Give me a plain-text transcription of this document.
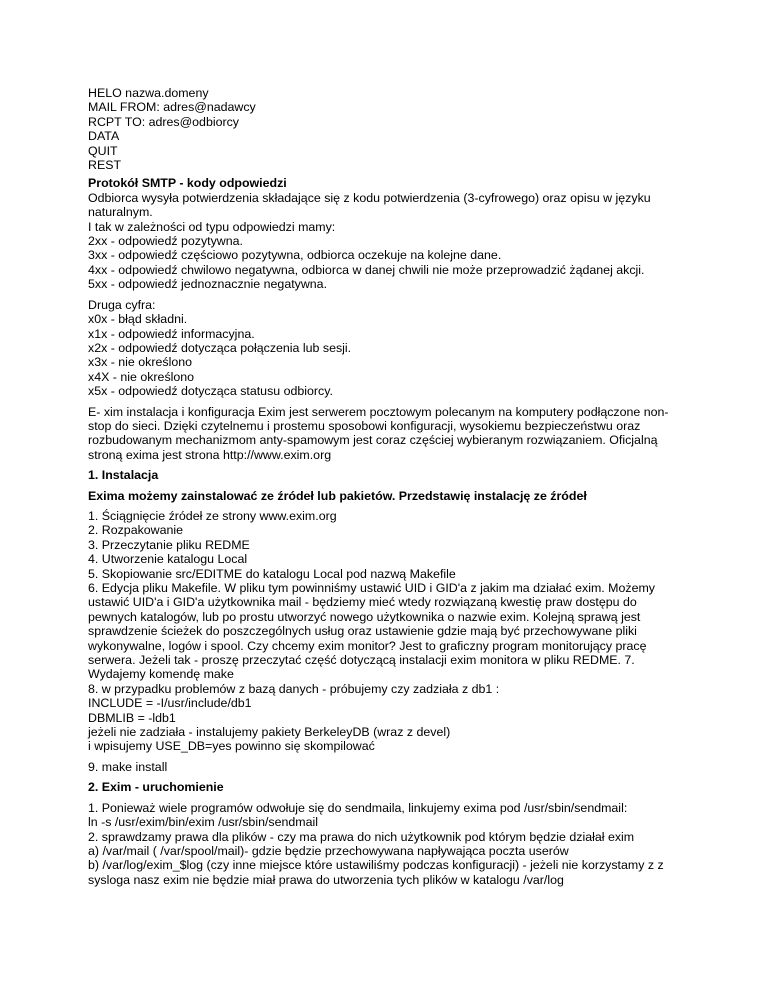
HELO nazwa.domeny
MAIL FROM: adres@nadawcy
RCPT TO: adres@odbiorcy
DATA
QUIT
REST
Protokół SMTP - kody odpowiedzi
Odbiorca wysyła potwierdzenia składające się z kodu potwierdzenia (3-cyfrowego) oraz opisu w języku naturalnym.
I tak w zależności od typu odpowiedzi mamy:
2xx - odpowiedź pozytywna.
3xx - odpowiedź częściowo pozytywna, odbiorca oczekuje na kolejne dane.
4xx - odpowiedź chwilowo negatywna, odbiorca w danej chwili nie może przeprowadzić żądanej akcji.
5xx - odpowiedź jednoznacznie negatywna.
Druga cyfra:
x0x - błąd składni.
x1x - odpowiedź informacyjna.
x2x - odpowiedź dotycząca połączenia lub sesji.
x3x - nie określono
x4X - nie określono
x5x - odpowiedź dotycząca statusu odbiorcy.
E- xim instalacja i konfiguracja Exim jest serwerem pocztowym polecanym na komputery podłączone non-stop do sieci. Dzięki czytelnemu i prostemu sposobowi konfiguracji, wysokiemu bezpieczeństwu oraz rozbudowanym mechanizmom anty-spamowym jest coraz częściej wybieranym rozwiązaniem. Oficjalną stroną exima jest strona http://www.exim.org
1. Instalacja
Exima możemy zainstalować ze źródeł lub pakietów. Przedstawię instalację ze źródeł
1. Ściągnięcie źródeł ze strony www.exim.org
2. Rozpakowanie
3. Przeczytanie pliku REDME
4. Utworzenie katalogu Local
5. Skopiowanie src/EDITME do katalogu Local pod nazwą Makefile
6. Edycja pliku Makefile. W pliku tym powinniśmy ustawić UID i GID'a z jakim ma działać exim. Możemy ustawić UID'a i GID'a użytkownika mail - będziemy mieć wtedy rozwiązaną kwestię praw dostępu do pewnych katalogów, lub po prostu utworzyć nowego użytkownika o nazwie exim. Kolejną sprawą jest sprawdzenie ścieżek do poszczególnych usług oraz ustawienie gdzie mają być przechowywane pliki wykonywalne, logów i spool. Czy chcemy exim monitor? Jest to graficzny program monitorujący pracę serwera. Jeżeli tak - proszę przeczytać część dotyczącą instalacji exim monitora w pliku REDME. 7. Wydajemy komendę make
8. w przypadku problemów z bazą danych - próbujemy czy zadziała z db1 :
INCLUDE = -I/usr/include/db1
DBMLIB = -ldb1
jeżeli nie zadziała - instalujemy pakiety BerkeleyDB (wraz z devel)
i wpisujemy USE_DB=yes powinno się skompilować
9. make install
2. Exim - uruchomienie
1. Ponieważ wiele programów odwołuje się do sendmaila, linkujemy exima pod /usr/sbin/sendmail:
ln -s /usr/exim/bin/exim /usr/sbin/sendmail
2. sprawdzamy prawa dla plików - czy ma prawa do nich użytkownik pod którym będzie działał exim
a) /var/mail ( /var/spool/mail)- gdzie będzie przechowywana napływająca poczta userów
b) /var/log/exim_$log (czy inne miejsce które ustawiliśmy podczas konfiguracji) - jeżeli nie korzystamy z z sysloga nasz exim nie będzie miał prawa do utworzenia tych plików w katalogu /var/log
